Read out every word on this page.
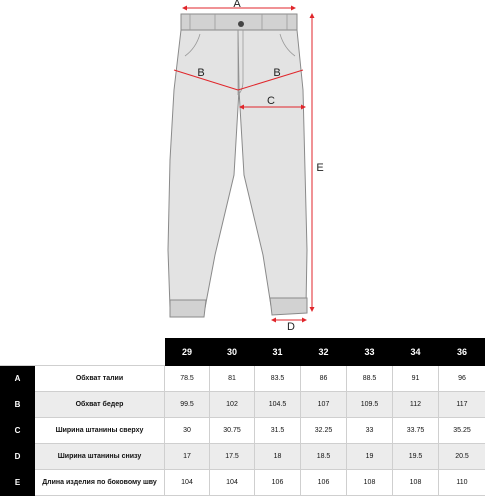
A
B	B
C
D
E
		29	30	31	32	33	34	36
A	Обхват талии	78.5	81	83.5	86	88.5	91	96
B	Обхват бедер	99.5	102	104.5	107	109.5	112	117
C	Ширина штанины сверху	30	30.75	31.5	32.25	33	33.75	35.25
D	Ширина штанины снизу	17	17.5	18	18.5	19	19.5	20.5
E	Длина изделия по боковому шву	104	104	106	106	108	108	110
